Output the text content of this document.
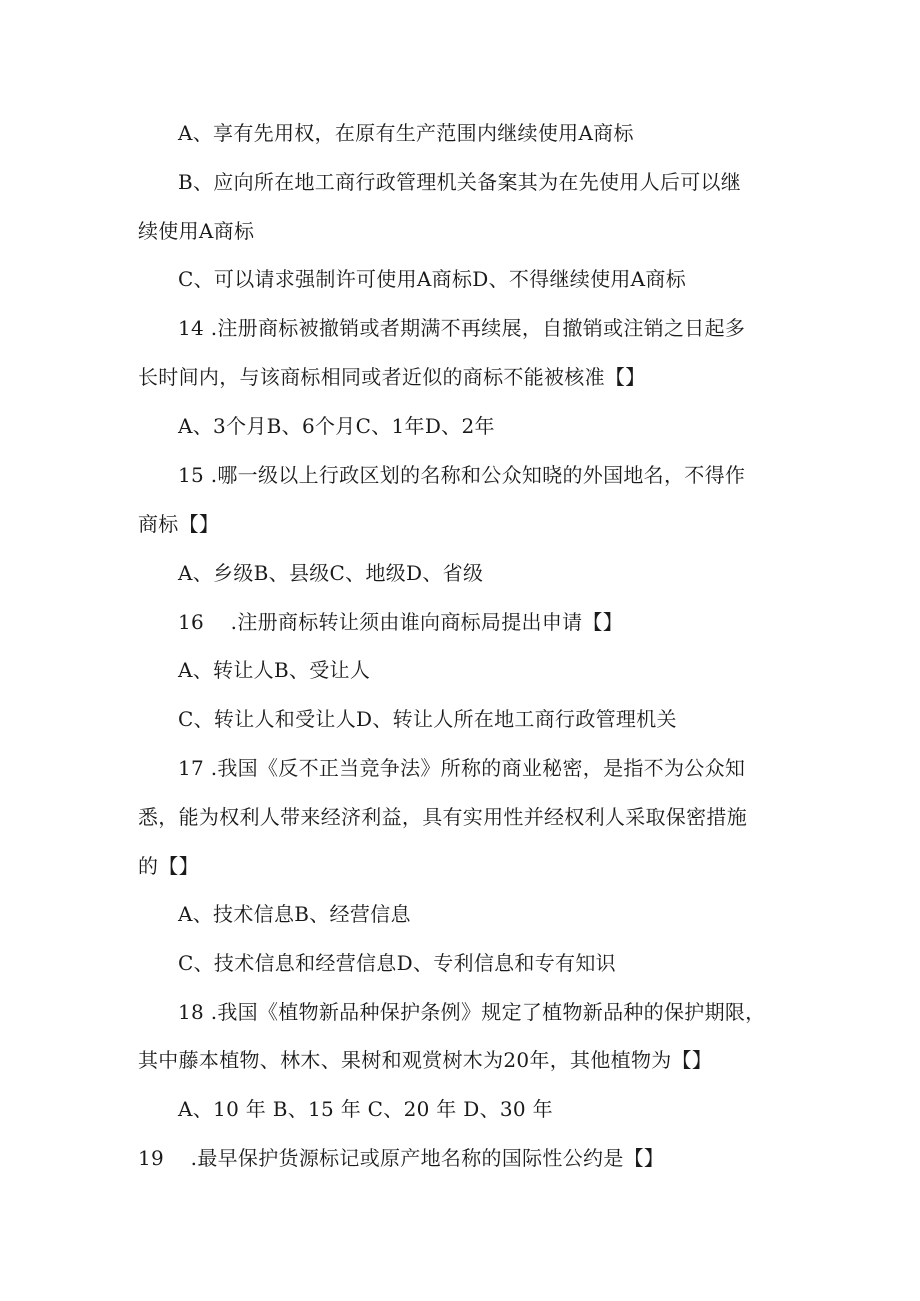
A、享有先用权，在原有生产范围内继续使用A商标
B、应向所在地工商行政管理机关备案其为在先使用人后可以继
续使用A商标
C、可以请求强制许可使用A商标D、不得继续使用A商标
14 .注册商标被撤销或者期满不再续展，自撤销或注销之日起多
长时间内，与该商标相同或者近似的商标不能被核准【】
A、3个月B、6个月C、1年D、2年
15 .哪一级以上行政区划的名称和公众知晓的外国地名，不得作
商标【】
A、乡级B、县级C、地级D、省级
16    .注册商标转让须由谁向商标局提出申请【】
A、转让人B、受让人
C、转让人和受让人D、转让人所在地工商行政管理机关
17 .我国《反不正当竞争法》所称的商业秘密，是指不为公众知
悉，能为权利人带来经济利益，具有实用性并经权利人采取保密措施
的【】
A、技术信息B、经营信息
C、技术信息和经营信息D、专利信息和专有知识
18 .我国《植物新品种保护条例》规定了植物新品种的保护期限，
其中藤本植物、林木、果树和观赏树木为20年，其他植物为【】
A、10 年 B、15 年 C、20 年 D、30 年
19    .最早保护货源标记或原产地名称的国际性公约是【】
